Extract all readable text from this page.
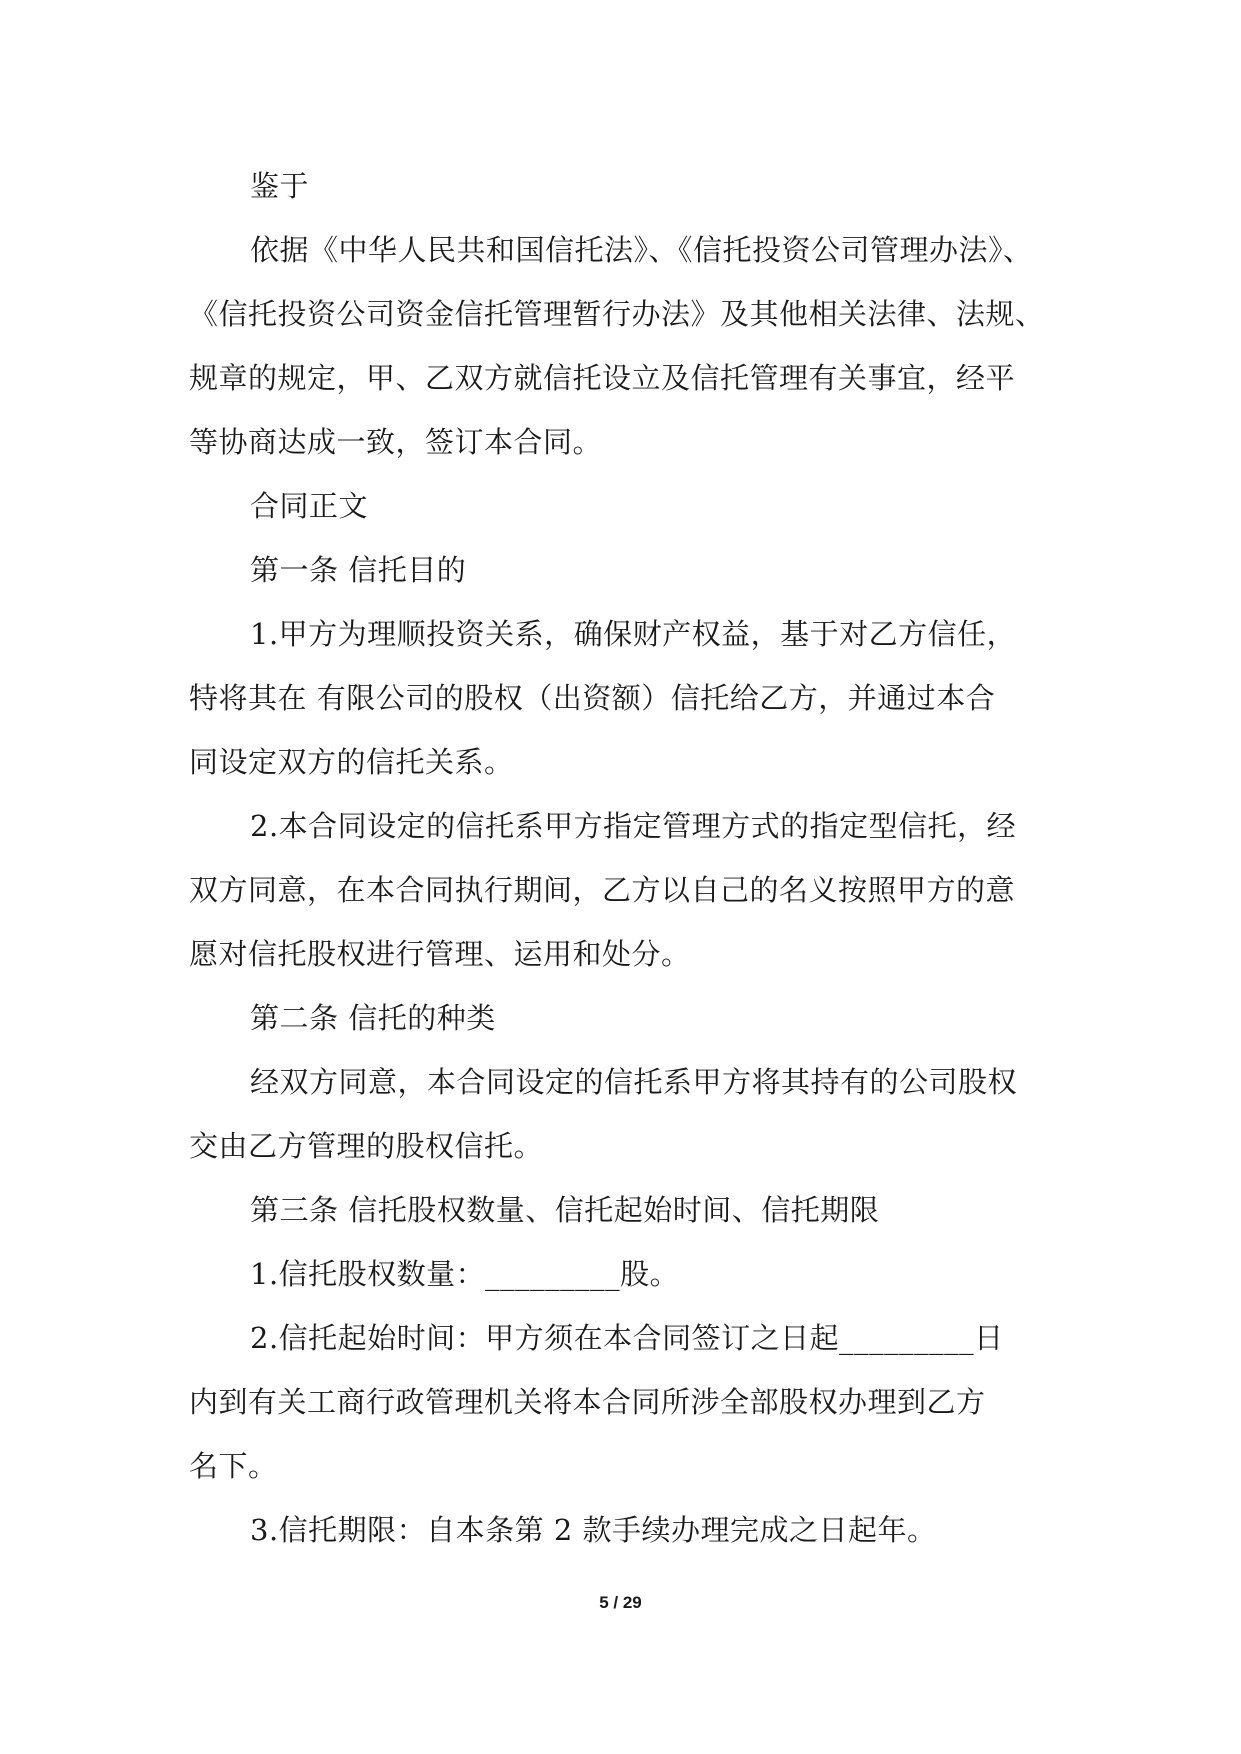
鉴于
依据《中华人民共和国信托法》、《信托投资公司管理办法》、
《信托投资公司资金信托管理暂行办法》及其他相关法律、法规、
规章的规定，甲、乙双方就信托设立及信托管理有关事宜，经平
等协商达成一致，签订本合同。
合同正文
第一条 信托目的
1.甲方为理顺投资关系，确保财产权益，基于对乙方信任，
特将其在 有限公司的股权（出资额）信托给乙方，并通过本合
同设定双方的信托关系。
2.本合同设定的信托系甲方指定管理方式的指定型信托，经
双方同意，在本合同执行期间，乙方以自己的名义按照甲方的意
愿对信托股权进行管理、运用和处分。
第二条 信托的种类
经双方同意，本合同设定的信托系甲方将其持有的公司股权
交由乙方管理的股权信托。
第三条 信托股权数量、信托起始时间、信托期限
1.信托股权数量：_________股。
2.信托起始时间：甲方须在本合同签订之日起_________日
内到有关工商行政管理机关将本合同所涉全部股权办理到乙方
名下。
3.信托期限：自本条第 2 款手续办理完成之日起年。
5 / 29
